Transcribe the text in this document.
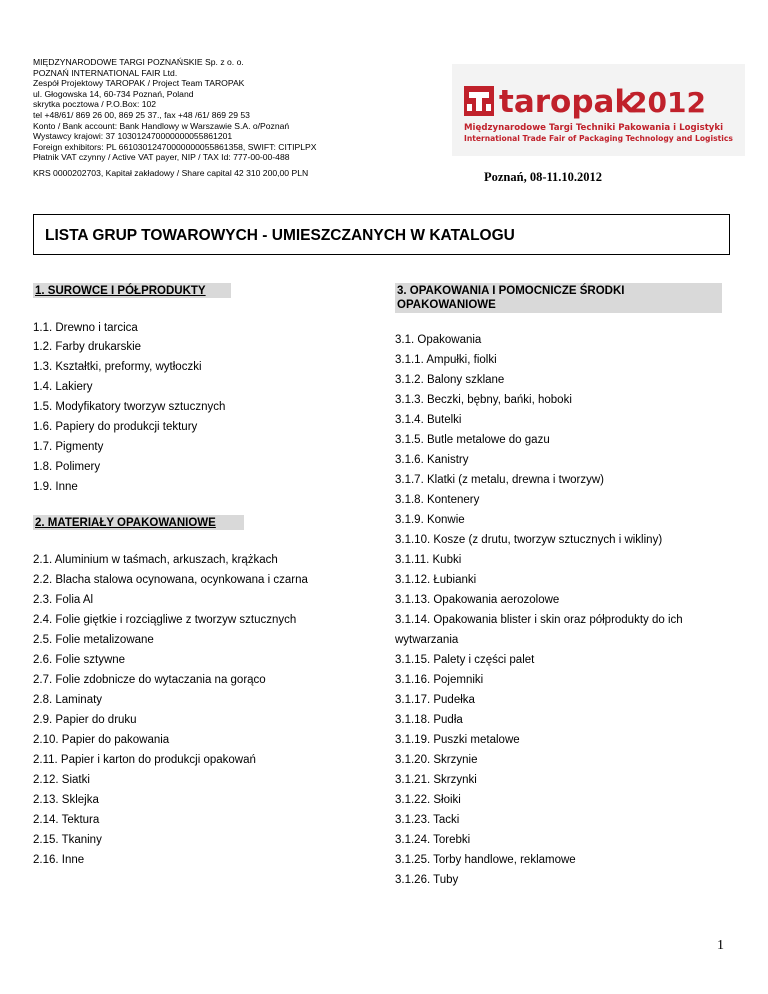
MIĘDZYNARODOWE TARGI POZNAŃSKIE Sp. z o. o.
POZNAŃ INTERNATIONAL FAIR Ltd.
Zespół Projektowy TAROPAK / Project Team TAROPAK
ul. Głogowska 14, 60-734 Poznań, Poland
skrytka pocztowa / P.O.Box: 102
tel +48/61/ 869 26 00, 869 25 37., fax +48 /61/ 869 29 53
Konto / Bank account: Bank Handlowy w Warszawie S.A. o/Poznań
Wystawcy krajowi: 37 103012470000000055861201
Foreign exhibitors: PL 66103012470000000055861358, SWIFT: CITIPLPX
Płatnik VAT czynny / Active VAT payer, NIP / TAX Id: 777-00-00-488
KRS 0000202703, Kapitał zakładowy / Share capital 42 310 200,00 PLN
taropak
2012
Międzynarodowe Targi Techniki Pakowania i Logistyki
International Trade Fair of Packaging Technology and Logistics
Poznań, 08-11.10.2012
LISTA GRUP TOWAROWYCH - UMIESZCZANYCH W KATALOGU
1. SUROWCE I PÓŁPRODUKTY
1.1. Drewno i tarcica
1.2. Farby drukarskie
1.3. Kształtki, preformy, wytłoczki
1.4. Lakiery
1.5. Modyfikatory tworzyw sztucznych
1.6. Papiery do produkcji tektury
1.7. Pigmenty
1.8. Polimery
1.9. Inne
2. MATERIAŁY OPAKOWANIOWE
2.1. Aluminium w taśmach, arkuszach, krążkach
2.2. Blacha stalowa ocynowana, ocynkowana i czarna
2.3. Folia Al
2.4. Folie giętkie i rozciągliwe z tworzyw sztucznych
2.5. Folie metalizowane
2.6. Folie sztywne
2.7. Folie zdobnicze do wytaczania na gorąco
2.8. Laminaty
2.9. Papier do druku
2.10. Papier do pakowania
2.11. Papier i karton do produkcji opakowań
2.12. Siatki
2.13. Sklejka
2.14. Tektura
2.15. Tkaniny
2.16. Inne
3. OPAKOWANIA I POMOCNICZE ŚRODKI
OPAKOWANIOWE
3.1. Opakowania
3.1.1. Ampułki, fiolki
3.1.2. Balony szklane
3.1.3. Beczki, bębny, bańki, hoboki
3.1.4. Butelki
3.1.5. Butle metalowe do gazu
3.1.6. Kanistry
3.1.7. Klatki (z metalu, drewna i tworzyw)
3.1.8. Kontenery
3.1.9. Konwie
3.1.10. Kosze (z drutu, tworzyw sztucznych i wikliny)
3.1.11. Kubki
3.1.12. Łubianki
3.1.13. Opakowania aerozolowe
3.1.14. Opakowania blister i skin oraz półprodukty do ich
wytwarzania
3.1.15. Palety i części palet
3.1.16. Pojemniki
3.1.17. Pudełka
3.1.18. Pudła
3.1.19. Puszki metalowe
3.1.20. Skrzynie
3.1.21. Skrzynki
3.1.22. Słoiki
3.1.23. Tacki
3.1.24. Torebki
3.1.25. Torby handlowe, reklamowe
3.1.26. Tuby
1
